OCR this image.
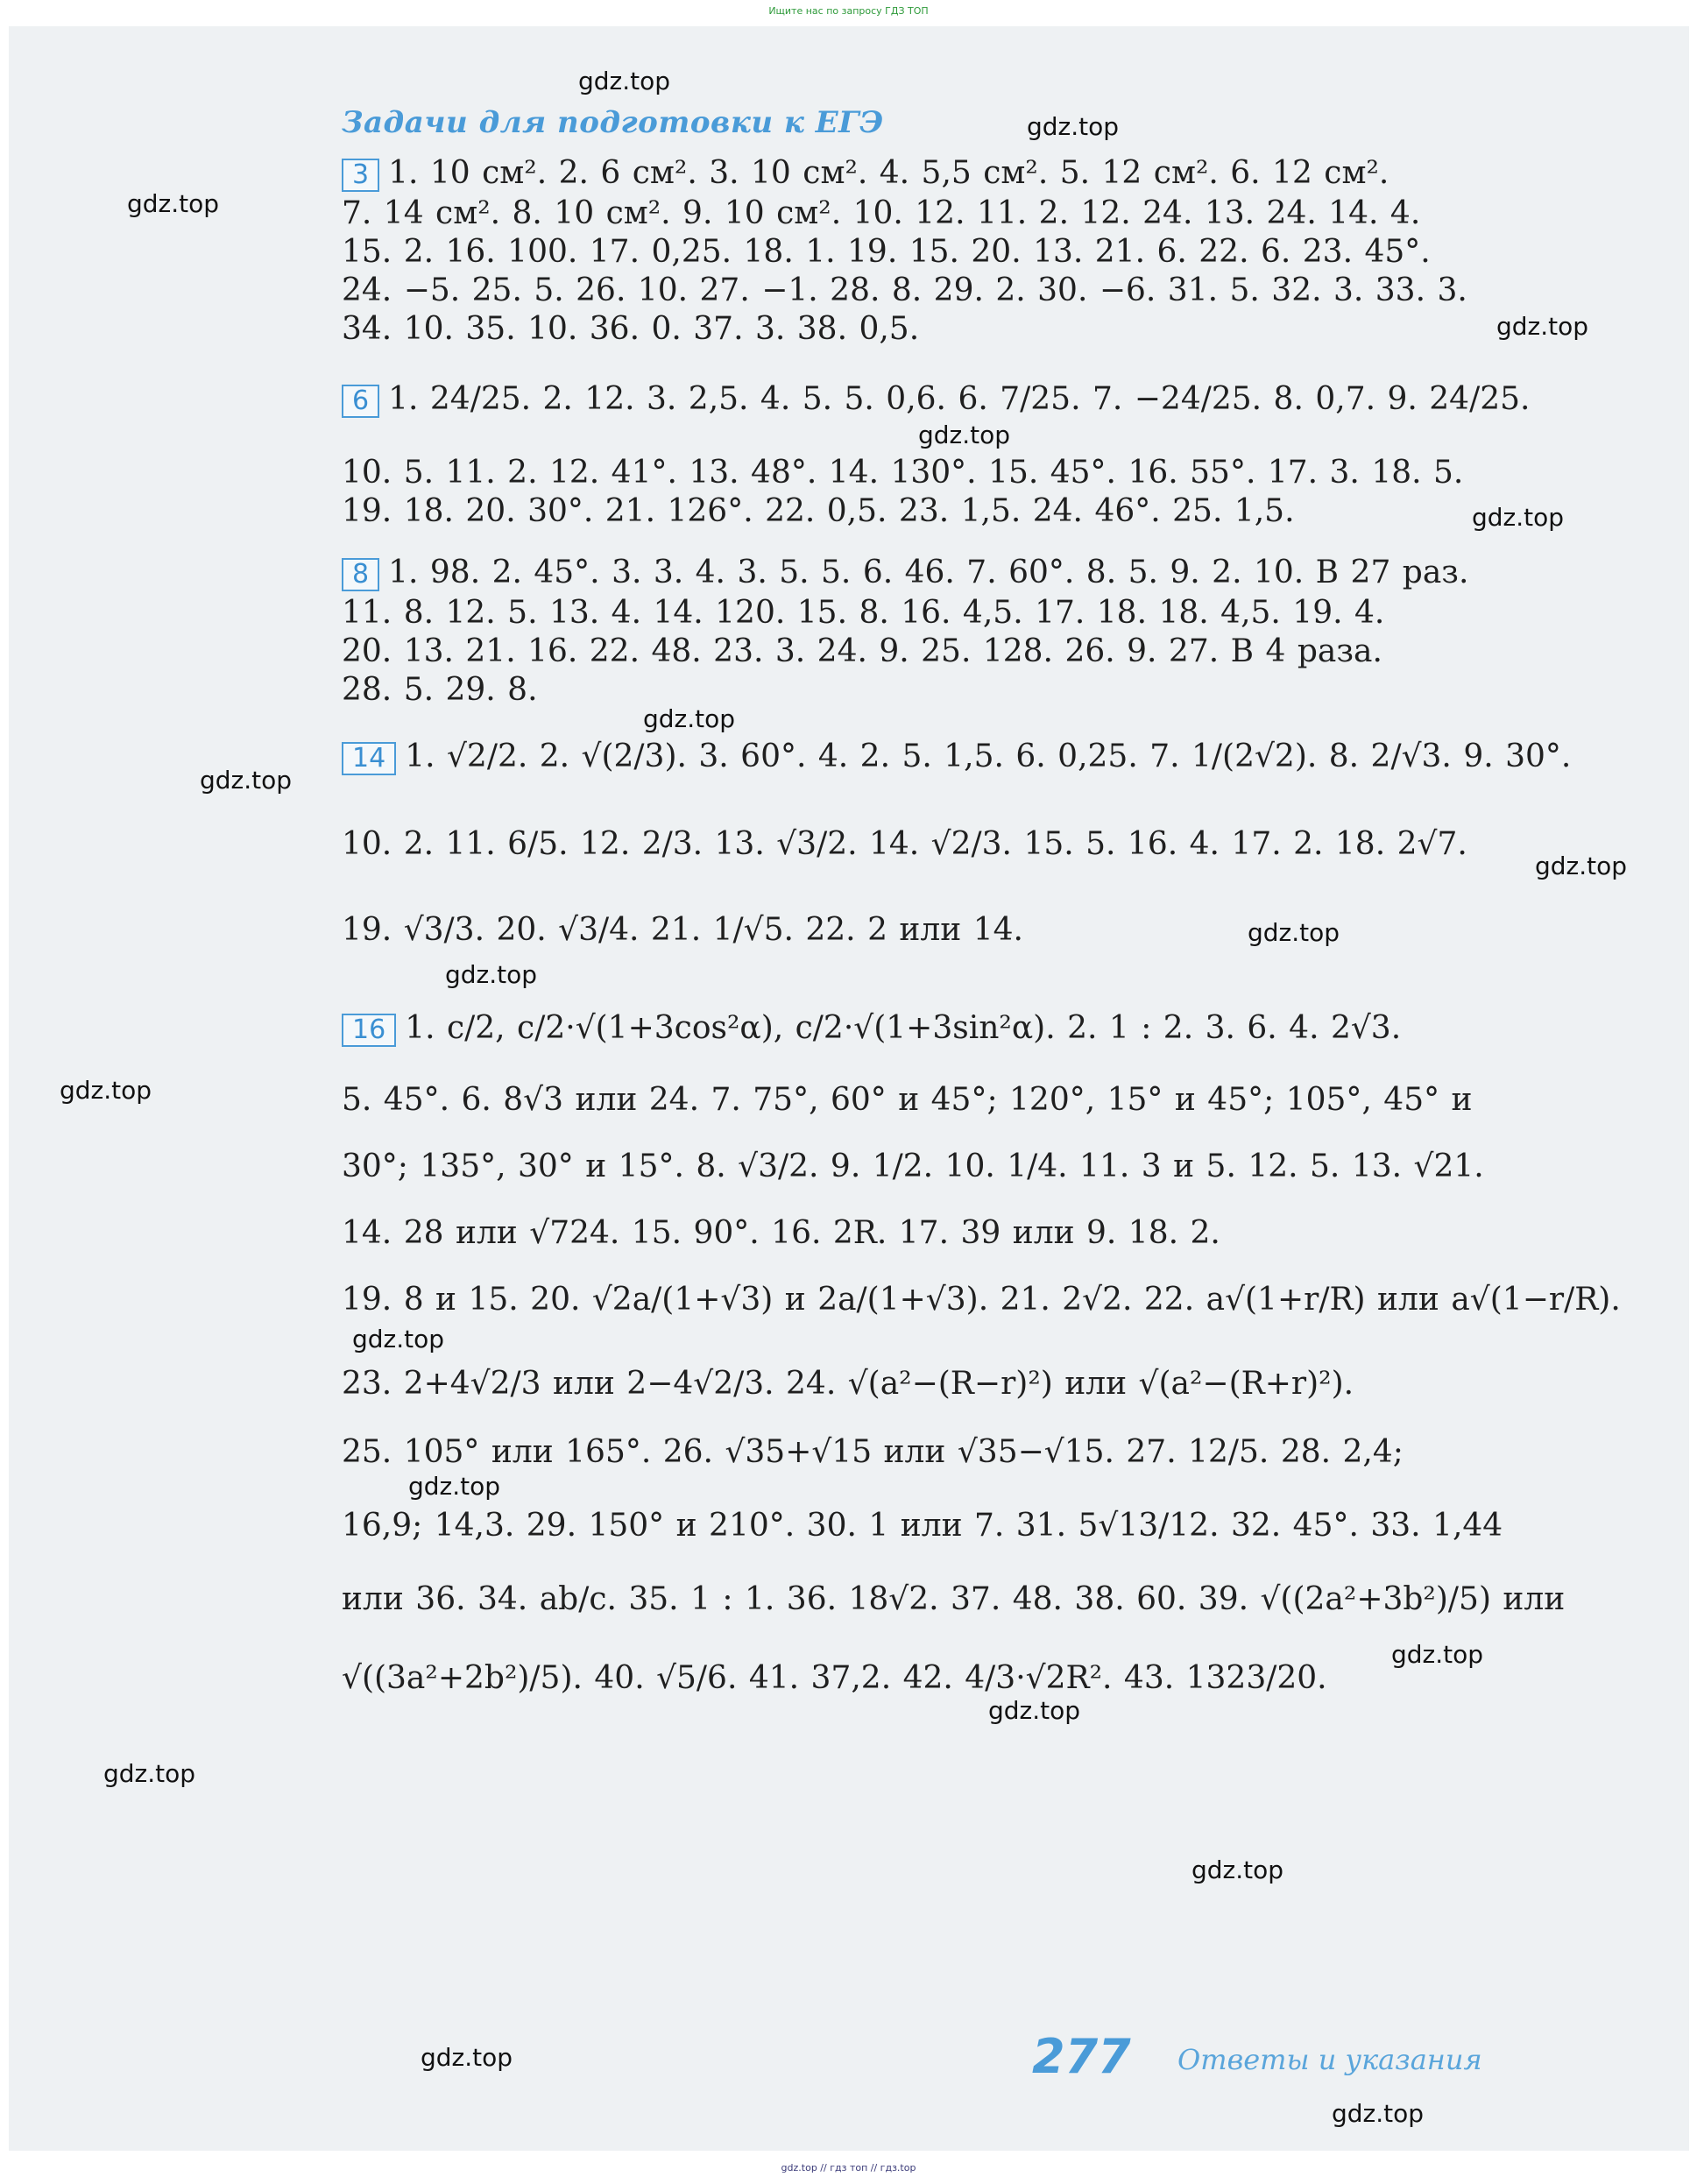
Ищите нас по запросу ГДЗ ТОП
Задачи для подготовки к ЕГЭ
3 1. 10 см². 2. 6 см². 3. 10 см². 4. 5,5 см². 5. 12 см². 6. 12 см².
7. 14 см². 8. 10 см². 9. 10 см². 10. 12. 11. 2. 12. 24. 13. 24. 14. 4.
15. 2. 16. 100. 17. 0,25. 18. 1. 19. 15. 20. 13. 21. 6. 22. 6. 23. 45°.
24. −5. 25. 5. 26. 10. 27. −1. 28. 8. 29. 2. 30. −6. 31. 5. 32. 3. 33. 3.
34. 10. 35. 10. 36. 0. 37. 3. 38. 0,5.
6 1. 24/25. 2. 12. 3. 2,5. 4. 5. 5. 0,6. 6. 7/25. 7. −24/25. 8. 0,7. 9. 24/25.
10. 5. 11. 2. 12. 41°. 13. 48°. 14. 130°. 15. 45°. 16. 55°. 17. 3. 18. 5.
19. 18. 20. 30°. 21. 126°. 22. 0,5. 23. 1,5. 24. 46°. 25. 1,5.
8 1. 98. 2. 45°. 3. 3. 4. 3. 5. 5. 6. 46. 7. 60°. 8. 5. 9. 2. 10. В 27 раз.
11. 8. 12. 5. 13. 4. 14. 120. 15. 8. 16. 4,5. 17. 18. 18. 4,5. 19. 4.
20. 13. 21. 16. 22. 48. 23. 3. 24. 9. 25. 128. 26. 9. 27. В 4 раза.
28. 5. 29. 8.
14 1. √2/2. 2. √(2/3). 3. 60°. 4. 2. 5. 1,5. 6. 0,25. 7. 1/(2√2). 8. 2/√3. 9. 30°.
10. 2. 11. 6/5. 12. 2/3. 13. √3/2. 14. √2/3. 15. 5. 16. 4. 17. 2. 18. 2√7.
19. √3/3. 20. √3/4. 21. 1/√5. 22. 2 или 14.
16 1. c/2, c/2·√(1+3cos²α), c/2·√(1+3sin²α). 2. 1 : 2. 3. 6. 4. 2√3.
5. 45°. 6. 8√3 или 24. 7. 75°, 60° и 45°; 120°, 15° и 45°; 105°, 45° и
30°; 135°, 30° и 15°. 8. √3/2. 9. 1/2. 10. 1/4. 11. 3 и 5. 12. 5. 13. √21.
14. 28 или √724. 15. 90°. 16. 2R. 17. 39 или 9. 18. 2.
19. 8 и 15. 20. √2a/(1+√3) и 2a/(1+√3). 21. 2√2. 22. a√(1+r/R) или a√(1−r/R).
23. 2+4√2/3 или 2−4√2/3. 24. √(a²−(R−r)²) или √(a²−(R+r)²).
25. 105° или 165°. 26. √35+√15 или √35−√15. 27. 12/5. 28. 2,4;
16,9; 14,3. 29. 150° и 210°. 30. 1 или 7. 31. 5√13/12. 32. 45°. 33. 1,44
или 36. 34. ab/c. 35. 1 : 1. 36. 18√2. 37. 48. 38. 60. 39. √((2a²+3b²)/5) или
√((3a²+2b²)/5). 40. √5/6. 41. 37,2. 42. 4/3·√2R². 43. 1323/20.
277 Ответы и указания
gdz.top
gdz.top
gdz.top
gdz.top
gdz.top
gdz.top
gdz.top
gdz.top
gdz.top
gdz.top
gdz.top
gdz.top
gdz.top
gdz.top
gdz.top
gdz.top
gdz.top
gdz.top
gdz.top
gdz.top
gdz.top // гдз топ // гдз.top
